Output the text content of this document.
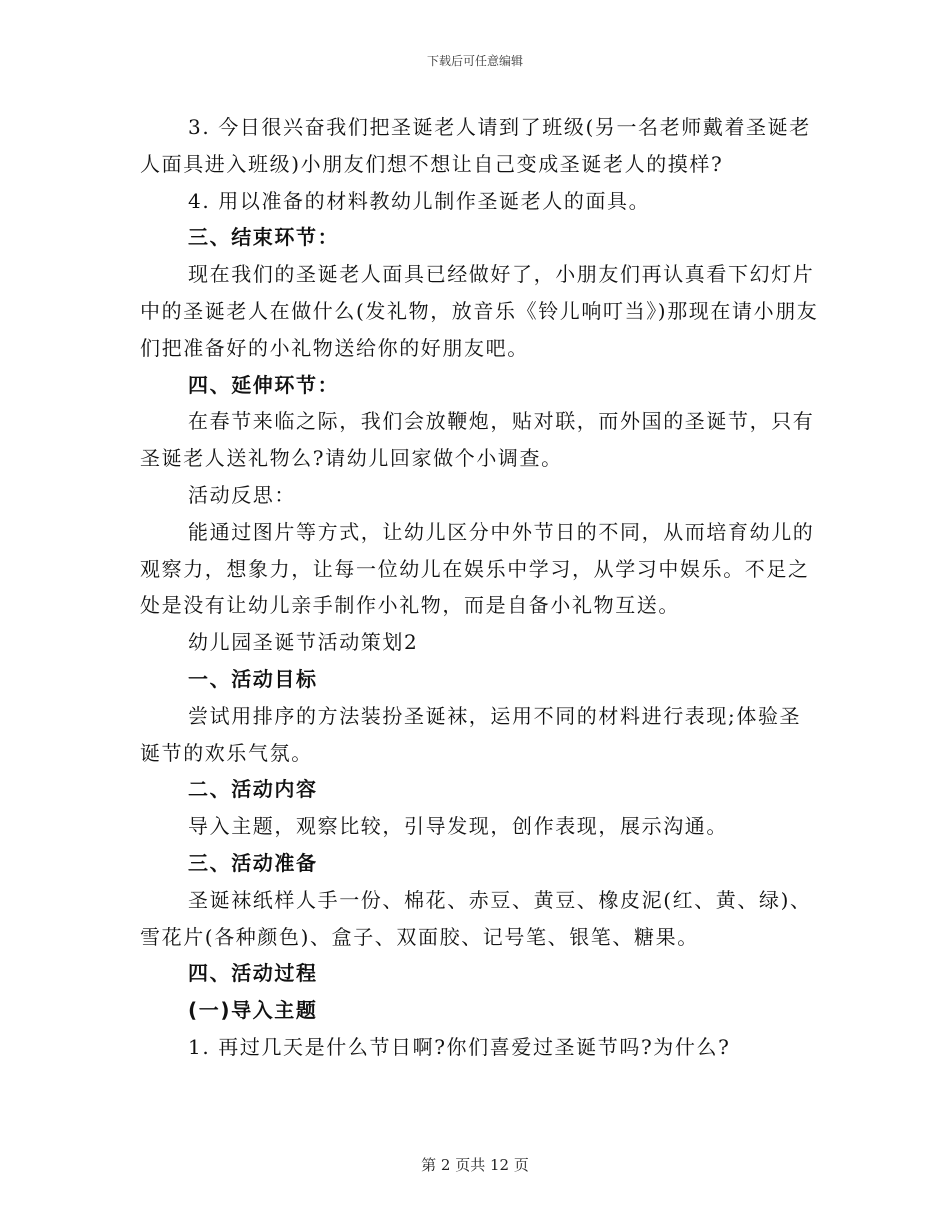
下载后可任意编辑

3. 今日很兴奋我们把圣诞老人请到了班级(另一名老师戴着圣诞老人面具进入班级)小朋友们想不想让自己变成圣诞老人的摸样?

4. 用以准备的材料教幼儿制作圣诞老人的面具。

三、结束环节：

现在我们的圣诞老人面具已经做好了，小朋友们再认真看下幻灯片中的圣诞老人在做什么(发礼物，放音乐《铃儿响叮当》)那现在请小朋友们把准备好的小礼物送给你的好朋友吧。

四、延伸环节：

在春节来临之际，我们会放鞭炮，贴对联，而外国的圣诞节，只有圣诞老人送礼物么?请幼儿回家做个小调查。

活动反思：

能通过图片等方式，让幼儿区分中外节日的不同，从而培育幼儿的观察力，想象力，让每一位幼儿在娱乐中学习，从学习中娱乐。不足之处是没有让幼儿亲手制作小礼物，而是自备小礼物互送。

幼儿园圣诞节活动策划2

一、活动目标

尝试用排序的方法装扮圣诞袜，运用不同的材料进行表现;体验圣诞节的欢乐气氛。

二、活动内容

导入主题，观察比较，引导发现，创作表现，展示沟通。

三、活动准备

圣诞袜纸样人手一份、棉花、赤豆、黄豆、橡皮泥(红、黄、绿)、雪花片(各种颜色)、盒子、双面胶、记号笔、银笔、糖果。

四、活动过程

(一)导入主题

1. 再过几天是什么节日啊?你们喜爱过圣诞节吗?为什么?

第 2 页共 12 页
